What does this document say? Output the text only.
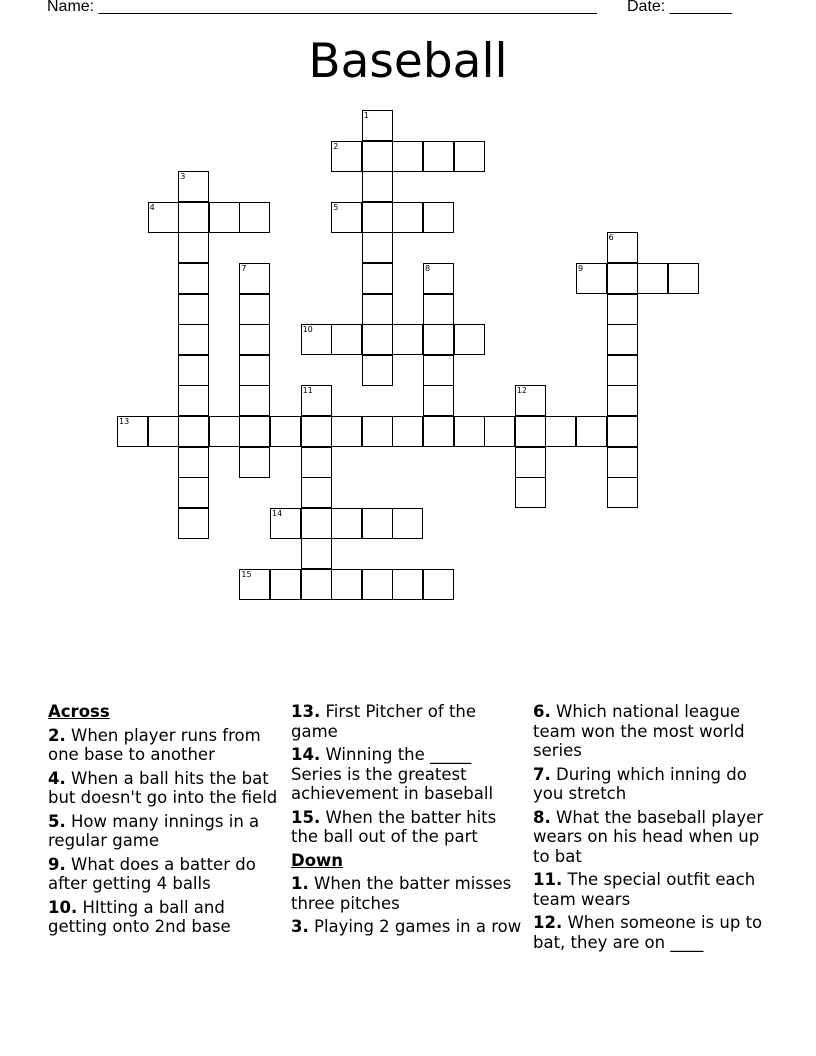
Name: ________________________________________________________ Date: _______
Baseball
2
4	5
9
10
13
14
15
1
3
6
7	8
11	12
Across
2. When player runs from one base to another
4. When a ball hits the bat but doesn't go into the field
5. How many innings in a regular game
9. What does a batter do after getting 4 balls
10. HItting a ball and getting onto 2nd base
13. First Pitcher of the game
14. Winning the _____ Series is the greatest achievement in baseball
15. When the batter hits the ball out of the part
Down
1. When the batter misses three pitches
3. Playing 2 games in a row
6. Which national league team won the most world series
7. During which inning do you stretch
8. What the baseball player wears on his head when up to bat
11. The special outfit each team wears
12. When someone is up to bat, they are on ____
